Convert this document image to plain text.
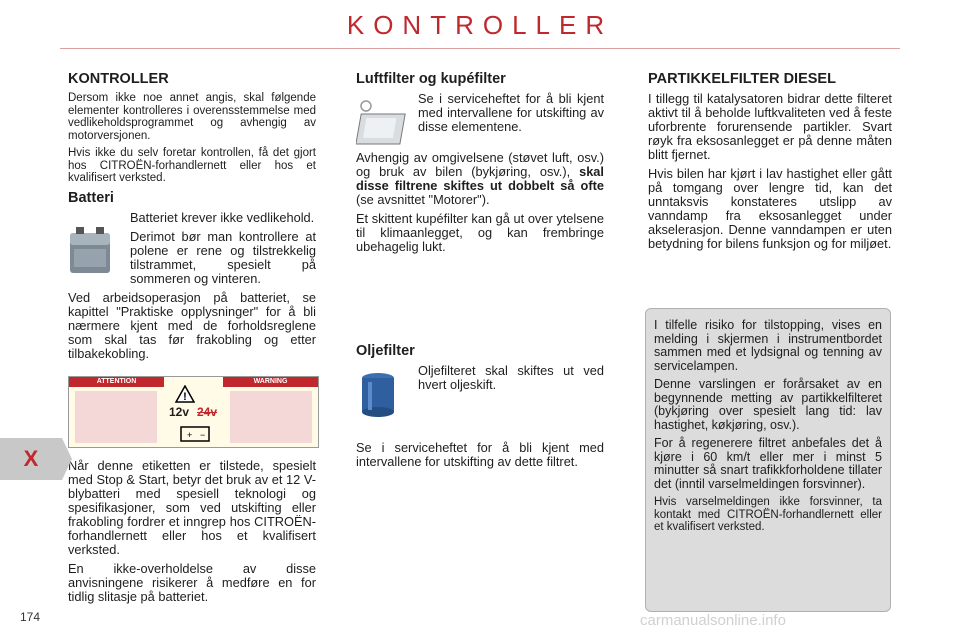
KONTROLLER
KONTROLLER

Dersom ikke noe annet angis, skal følgende elementer kontrolleres i overensstemmelse med vedlikeholdsprogrammet og avhengig av motorversjonen.

Hvis ikke du selv foretar kontrollen, få det gjort hos CITROËN-forhandlernett eller hos et kvalifisert verksted.

Batteri

Batteriet krever ikke vedlikehold.

Derimot bør man kontrollere at polene er rene og tilstrekkelig tilstrammet, spesielt på sommeren og vinteren.

Ved arbeidsoperasjon på batteriet, se kapittel "Praktiske opplysninger" for å bli nærmere kjent med de forholdsreglene som skal tas før frakobling og etter tilbakekobling.

ATTENTION	WARNING
!
12v 24v
+ −

Når denne etiketten er tilstede, spesielt med Stop & Start, betyr det bruk av et 12 V-blybatteri med spesiell teknologi og spesifikasjoner, som ved utskifting eller frakobling fordrer et inngrep hos CITROËN-forhandlernett eller hos et kvalifisert verksted.

En ikke-overholdelse av disse anvisningene risikerer å medføre en for tidlig slitasje på batteriet.

Luftfilter og kupéfilter

Se i serviceheftet for å bli kjent med intervallene for utskifting av disse elementene.

Avhengig av omgivelsene (støvet luft, osv.) og bruk av bilen (bykjøring, osv.), skal disse filtrene skiftes ut dobbelt så ofte (se avsnittet "Motorer").

Et skittent kupéfilter kan gå ut over ytelsene til klimaanlegget, og kan frembringe ubehagelig lukt.

Oljefilter

Oljefilteret skal skiftes ut ved hvert oljeskift.

Se i serviceheftet for å bli kjent med intervallene for utskifting av dette filtret.

PARTIKKELFILTER DIESEL

I tillegg til katalysatoren bidrar dette filteret aktivt til å beholde luftkvaliteten ved å feste uforbrente forurensende partikler. Svart røyk fra eksosanlegget er på denne måten blitt fjernet.

Hvis bilen har kjørt i lav hastighet eller gått på tomgang over lengre tid, kan det unntaksvis konstateres utslipp av vanndamp fra eksosanlegget under akselerasjon. Denne vanndampen er uten betydning for bilens funksjon og for miljøet.

I tilfelle risiko for tilstopping, vises en melding i skjermen i instrumentbordet sammen med et lydsignal og tenning av servicelampen.

Denne varslingen er forårsaket av en begynnende metting av partikkelfilteret (bykjøring over spesielt lang tid: lav hastighet, køkjøring, osv.).

For å regenerere filtret anbefales det å kjøre i 60 km/t eller mer i minst 5 minutter så snart trafikkforholdene tillater det (inntil varselmeldingen forsvinner).

Hvis varselmeldingen ikke forsvinner, ta kontakt med CITROËN-forhandlernett eller et kvalifisert verksted.

X
174	carmanualsonline.info
